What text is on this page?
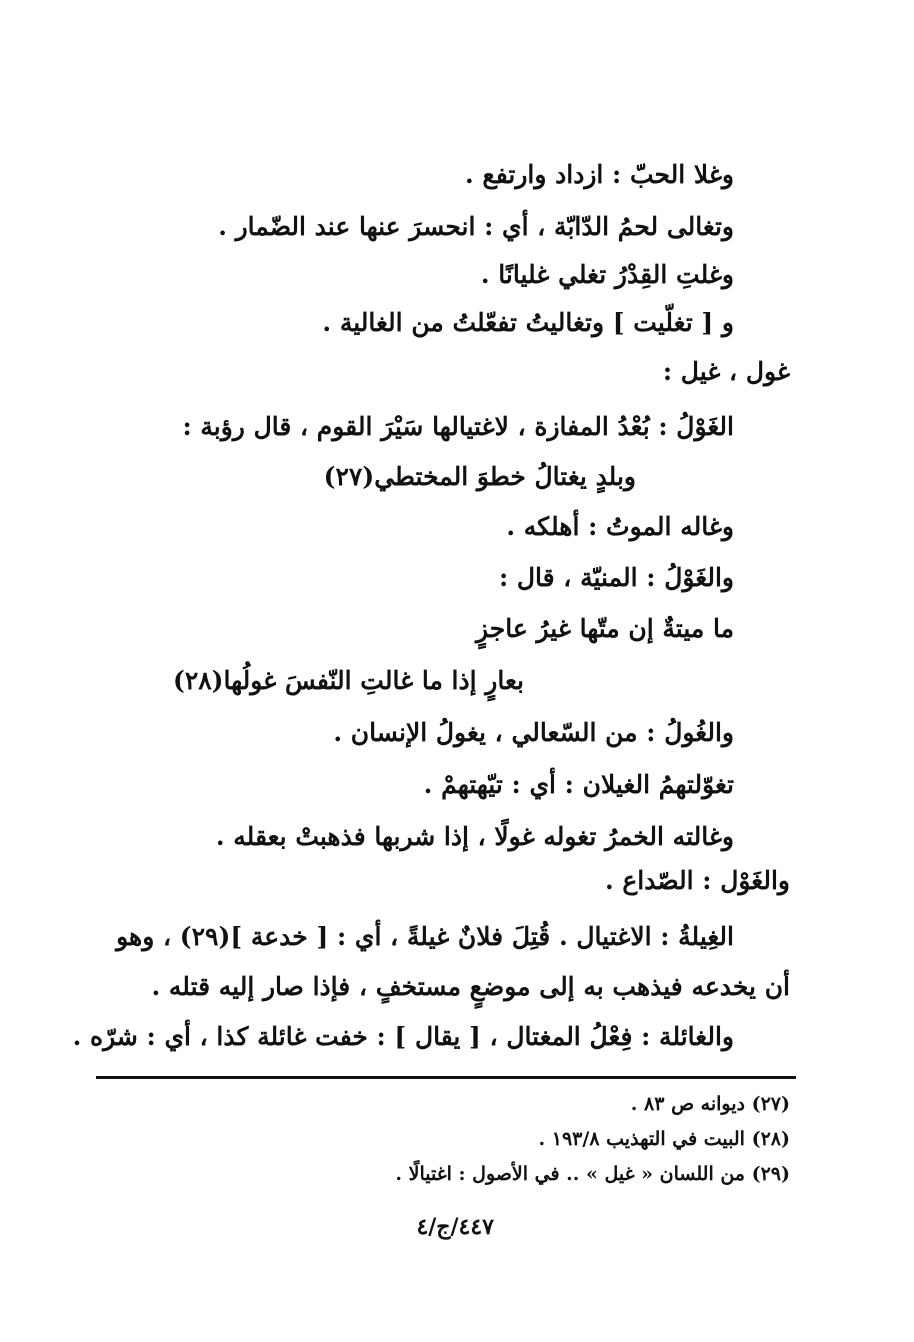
وغلا الحبّ : ازداد وارتفع .
وتغالى لحمُ الدّابّة ، أي : انحسرَ عنها عند الضّمار .
وغلتِ القِدْرُ تغلي غليانًا .
و [ تغلّيت ] وتغاليتُ تفعّلتُ من الغالية .
غول ، غيل :
الغَوْلُ : بُعْدُ المفازة ، لاغتيالها سَيْرَ القوم ، قال رؤبة :
وبلدٍ يغتالُ خطوَ المختطي(٢٧)
وغاله الموتُ : أهلكه .
والغَوْلُ : المنيّة ، قال :
ما ميتةٌ إن متّها غيرُ عاجزٍ
بعارٍ إذا ما غالتِ النّفسَ غولُها(٢٨)
والغُولُ : من السّعالي ، يغولُ الإنسان .
تغوّلتهمُ الغيلان : أي : تيّهتهمْ .
وغالته الخمرُ تغوله غولًا ، إذا شربها فذهبتْ بعقله .
والغَوْل : الصّداع .
الغِيلةُ : الاغتيال . قُتِلَ فلانٌ غيلةً ، أي : [ خدعة ](٢٩) ، وهو
أن يخدعه فيذهب به إلى موضعٍ مستخفٍ ، فإذا صار إليه قتله .
والغائلة : فِعْلُ المغتال ، [ يقال ] : خفت غائلة كذا ، أي : شرّه .
(٢٧) ديوانه ص ٨٣ .
(٢٨) البيت في التهذيب ١٩٣/٨ .
(٢٩) من اللسان « غيل » .. في الأصول : اغتيالًا .
٤٤٧/ج/٤
